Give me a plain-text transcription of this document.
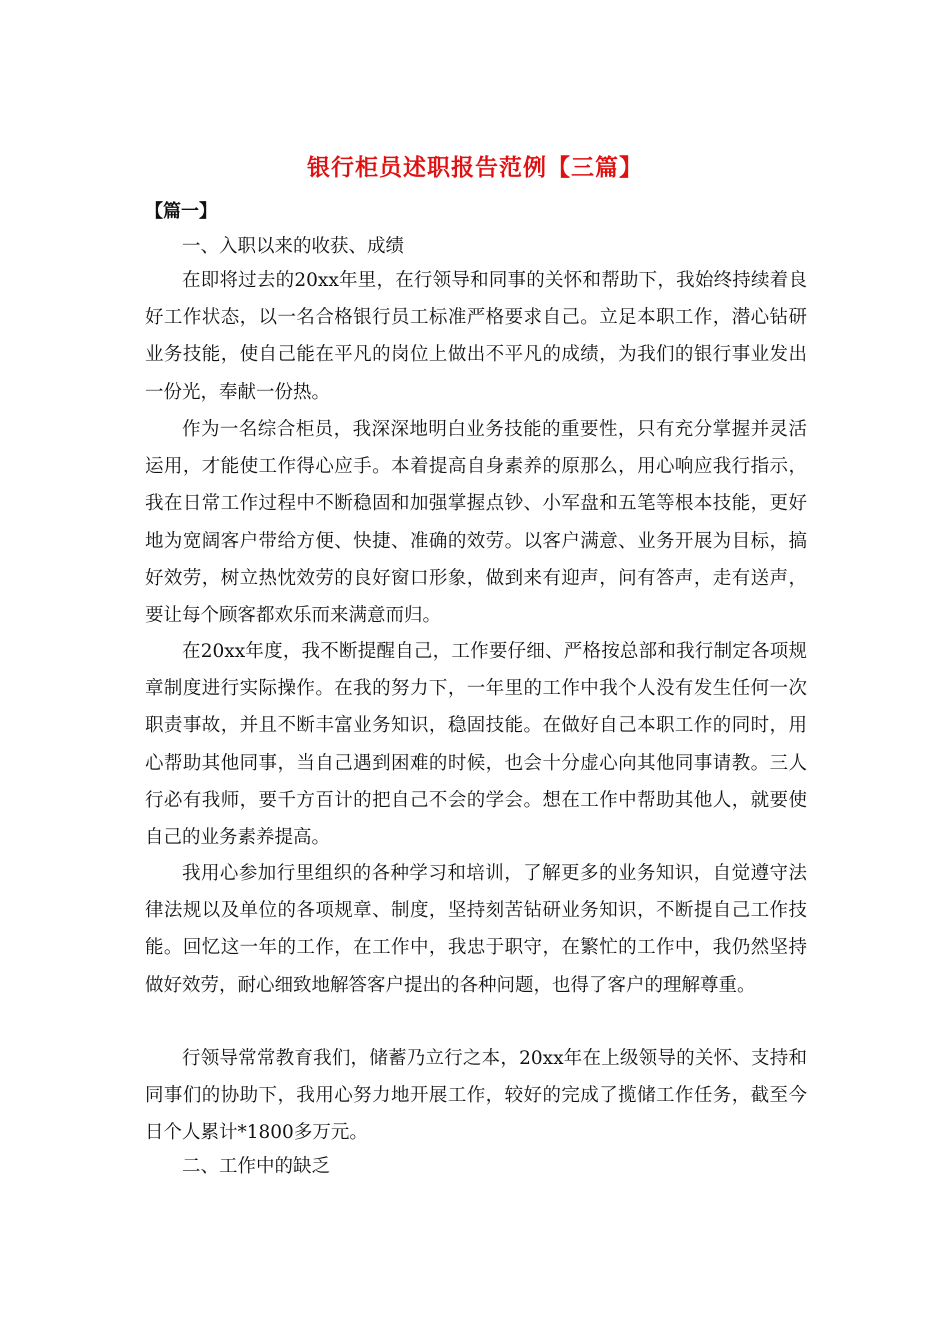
银行柜员述职报告范例【三篇】
【篇一】

一、入职以来的收获、成绩

在即将过去的20xx年里，在行领导和同事的关怀和帮助下，我始终持续着良好工作状态，以一名合格银行员工标准严格要求自己。立足本职工作，潜心钻研业务技能，使自己能在平凡的岗位上做出不平凡的成绩，为我们的银行事业发出一份光，奉献一份热。

作为一名综合柜员，我深深地明白业务技能的重要性，只有充分掌握并灵活运用，才能使工作得心应手。本着提高自身素养的原那么，用心响应我行指示，我在日常工作过程中不断稳固和加强掌握点钞、小军盘和五笔等根本技能，更好地为宽阔客户带给方便、快捷、准确的效劳。以客户满意、业务开展为目标，搞好效劳，树立热忱效劳的良好窗口形象，做到来有迎声，问有答声，走有送声，要让每个顾客都欢乐而来满意而归。

在20xx年度，我不断提醒自己，工作要仔细、严格按总部和我行制定各项规章制度进行实际操作。在我的努力下，一年里的工作中我个人没有发生任何一次职责事故，并且不断丰富业务知识，稳固技能。在做好自己本职工作的同时，用心帮助其他同事，当自己遇到困难的时候，也会十分虚心向其他同事请教。三人行必有我师，要千方百计的把自己不会的学会。想在工作中帮助其他人，就要使自己的业务素养提高。

我用心参加行里组织的各种学习和培训，了解更多的业务知识，自觉遵守法律法规以及单位的各项规章、制度，坚持刻苦钻研业务知识，不断提自己工作技能。回忆这一年的工作，在工作中，我忠于职守，在繁忙的工作中，我仍然坚持做好效劳，耐心细致地解答客户提出的各种问题，也得了客户的理解尊重。

行领导常常教育我们，储蓄乃立行之本，20xx年在上级领导的关怀、支持和同事们的协助下，我用心努力地开展工作，较好的完成了揽储工作任务，截至今日个人累计*1800多万元。

二、工作中的缺乏
